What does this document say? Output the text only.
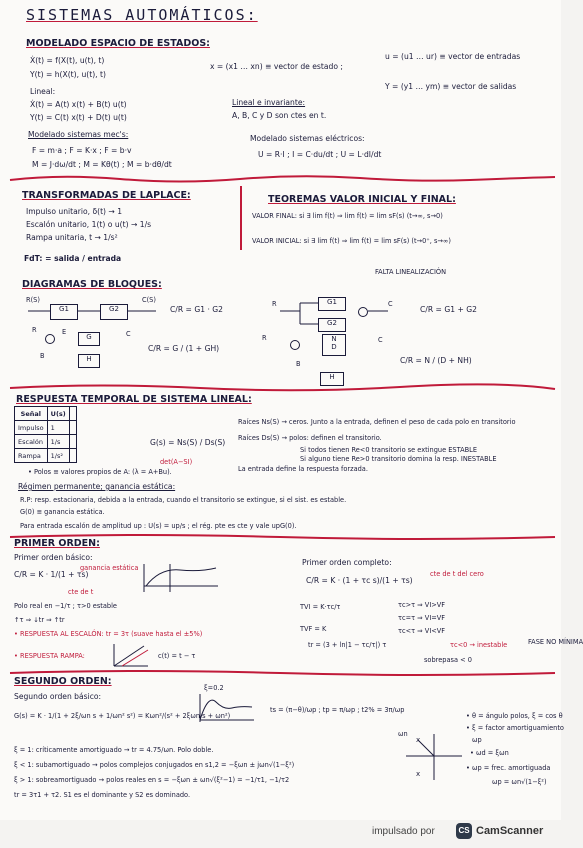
SISTEMAS AUTOMÁTICOS:
MODELADO ESPACIO DE ESTADOS:
Ẋ(t) = f(X(t), u(t), t)
Y(t) = h(X(t), u(t), t)
x = (x1 … xn) ≡ vector de estado ;
u = (u1 … ur) ≡ vector de entradas
Y = (y1 … ym) ≡ vector de salidas
Lineal:
Ẋ(t) = A(t) x(t) + B(t) u(t)
Y(t) = C(t) x(t) + D(t) u(t)
Lineal e invariante:
A, B, C y D son ctes en t.
Modelado sistemas mec's:
F = m·a ; F = K·x ; F = b·v
M = J·dω/dt ; M = Kθ(t) ; M = b·dθ/dt
Modelado sistemas eléctricos:
U = R·I ; I = C·du/dt ; U = L·dI/dt
TRANSFORMADAS DE LAPLACE:
Impulso unitario, δ(t) → 1
Escalón unitario, 1(t) o u(t) → 1/s
Rampa unitaria, t → 1/s²
FdT: = salida / entrada
TEOREMAS VALOR INICIAL Y FINAL:
VALOR FINAL: si ∃ lim f(t) ⇒ lim f(t) = lim sF(s) (t→∞, s→0)
VALOR INICIAL: si ∃ lim f(t) ⇒ lim f(t) = lim sF(s) (t→0⁺, s→∞)
FALTA LINEALIZACIÓN
DIAGRAMAS DE BLOQUES:
R(S)
G1	G2
C(S)
C/R = G1 · G2
R	G1
G2
C
C/R = G1 + G2
R	E
G
H
B
C
C/R = G / (1 + GH)
R	N
D
H
B
C
C/R = N / (D + NH)
RESPUESTA TEMPORAL DE SISTEMA LINEAL:
Señal	U(s)	
Impulso	1	
Escalón	1/s	
Rampa	1/s²	
G(s) = Ns(S) / Ds(S)
det(A−SI)
Raíces Ns(S) → ceros. Junto a la entrada, definen el peso de cada polo en transitorio
Raíces Ds(S) → polos: definen el transitorio.
Si todos tienen Re<0 transitorio se extingue ESTABLE
Si alguno tiene Re>0 transitorio domina la resp. INESTABLE
La entrada define la respuesta forzada.
• Polos ≡ valores propios de A: (λ = A+Bu).
Régimen permanente; ganancia estática:
R.P: resp. estacionaria, debida a la entrada, cuando el transitorio se extingue, si el sist. es estable.
G(0) ≡ ganancia estática.
Para entrada escalón de amplitud up : U(s) = up/s ; el rég. pte es cte y vale upG(0).
PRIMER ORDEN:
Primer orden básico:
C/R = K · 1/(1 + τs)
ganancia estática
cte de t
Polo real en −1/τ ; τ>0 estable
↑τ ⇒ ↓tr ⇒ ↑tr
• RESPUESTA AL ESCALÓN: tr = 3τ (suave hasta el ±5%)
• RESPUESTA RAMPA:	c(t) = t − τ
Primer orden completo:
C/R = K · (1 + τc s)/(1 + τs)
cte de t del cero
TVI = K·τc/τ
TVF = K
τc>τ ⇒ VI>VF
τc=τ ⇒ VI=VF
τc<τ ⇒ VI<VF
tr = (3 + ln|1 − τc/τ|) τ	τc<0 → inestable
sobrepasa < 0
FASE NO MÍNIMA
SEGUNDO ORDEN:
Segundo orden básico:
G(s) = K · 1/(1 + 2ξ/ωn s + 1/ωn² s²) = Kωn²/(s² + 2ξωn s + ωn²)
ξ=0.2
ts = (π−θ)/ωp ; tp = π/ωp ; t2% = 3π/ωp
ξ = 1: críticamente amortiguado → tr = 4.75/ωn. Polo doble.
ξ < 1: subamortiguado → polos complejos conjugados en s1,2 = −ξωn ± jωn√(1−ξ²)
ξ > 1: sobreamortiguado → polos reales en s = −ξωn ± ωn√(ξ²−1) = −1/τ1, −1/τ2
tr = 3τ1 + τ2. S1 es el dominante y S2 es dominado.
x
x
ωp
ωn
• θ = ángulo polos, ξ = cos θ
• ξ = factor amortiguamiento
• ωd = ξωn
• ωp = frec. amortiguada
ωp = ωn√(1−ξ²)
impulsado por	CS CamScanner
